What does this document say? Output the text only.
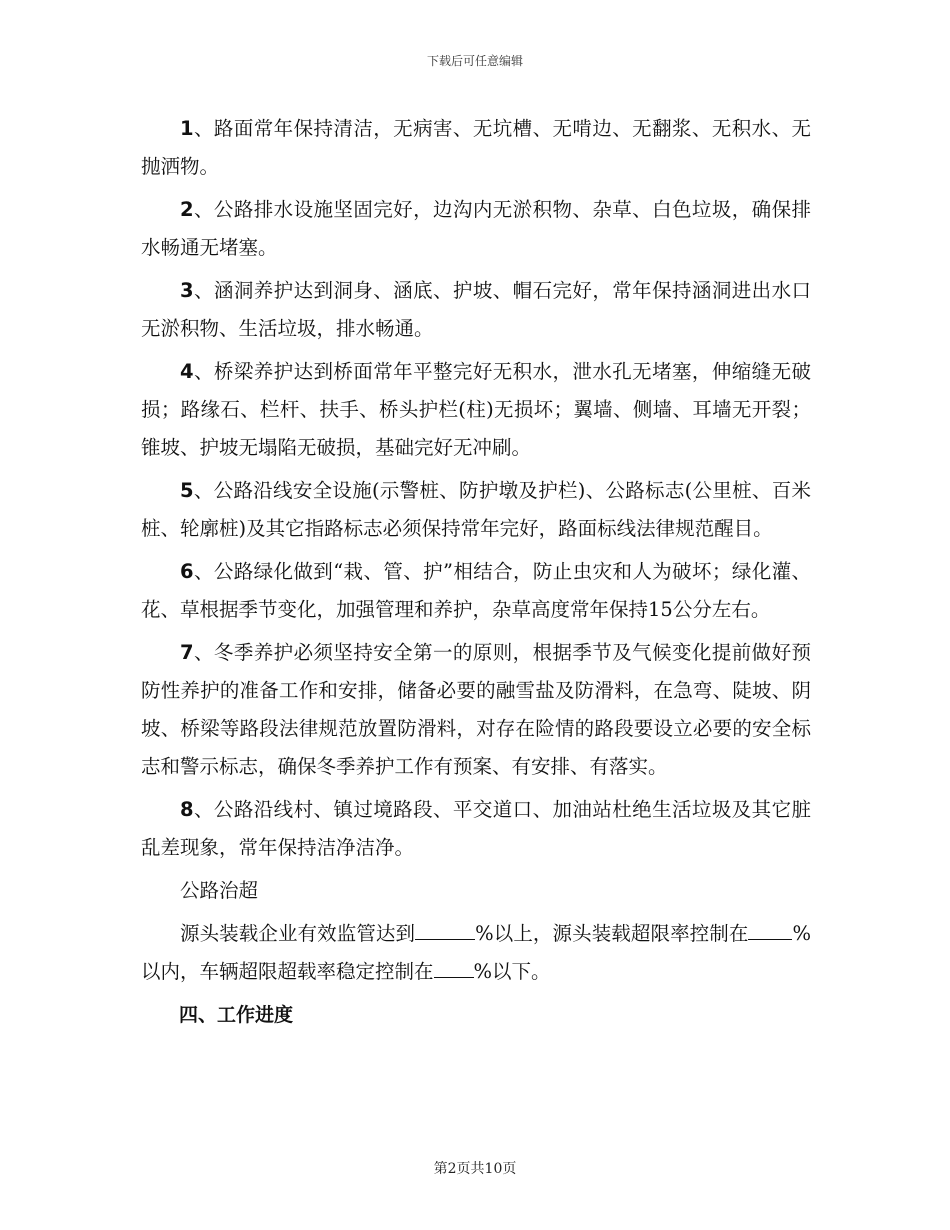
下载后可任意编辑

1、路面常年保持清洁，无病害、无坑槽、无啃边、无翻浆、无积水、无抛洒物。

2、公路排水设施坚固完好，边沟内无淤积物、杂草、白色垃圾，确保排水畅通无堵塞。

3、涵洞养护达到洞身、涵底、护坡、帽石完好，常年保持涵洞进出水口无淤积物、生活垃圾，排水畅通。

4、桥梁养护达到桥面常年平整完好无积水，泄水孔无堵塞，伸缩缝无破损；路缘石、栏杆、扶手、桥头护栏(柱)无损坏；翼墙、侧墙、耳墙无开裂；锥坡、护坡无塌陷无破损，基础完好无冲刷。

5、公路沿线安全设施(示警桩、防护墩及护栏)、公路标志(公里桩、百米桩、轮廓桩)及其它指路标志必须保持常年完好，路面标线法律规范醒目。

6、公路绿化做到“栽、管、护”相结合，防止虫灾和人为破坏；绿化灌、花、草根据季节变化，加强管理和养护，杂草高度常年保持15公分左右。

7、冬季养护必须坚持安全第一的原则，根据季节及气候变化提前做好预防性养护的准备工作和安排，储备必要的融雪盐及防滑料，在急弯、陡坡、阴坡、桥梁等路段法律规范放置防滑料，对存在险情的路段要设立必要的安全标志和警示标志，确保冬季养护工作有预案、有安排、有落实。

8、公路沿线村、镇过境路段、平交道口、加油站杜绝生活垃圾及其它脏乱差现象，常年保持洁净洁净。

公路治超

源头装载企业有效监管达到	%以上，源头装载超限率控制在 %以内，车辆超限超载率稳定控制在 %以下。

四、工作进度

第2页共10页
